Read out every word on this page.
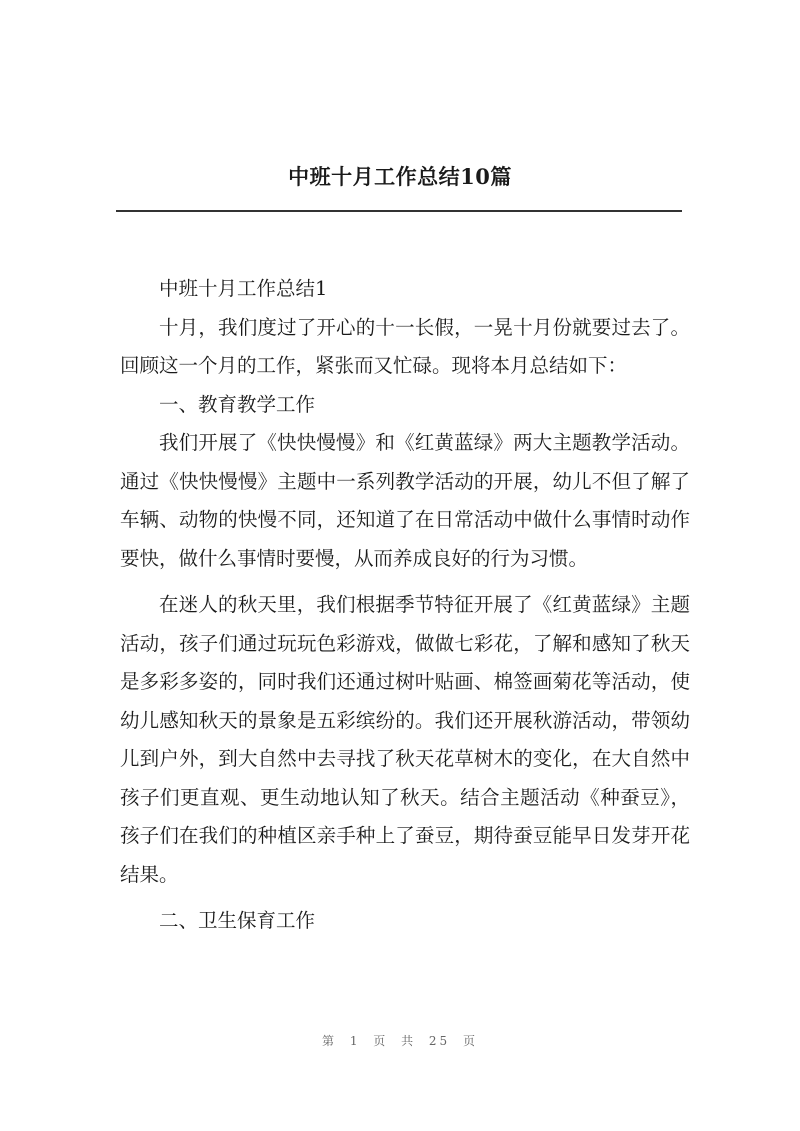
中班十月工作总结10篇

中班十月工作总结1

十月，我们度过了开心的十一长假，一晃十月份就要过去了。回顾这一个月的工作，紧张而又忙碌。现将本月总结如下：

一、教育教学工作

我们开展了《快快慢慢》和《红黄蓝绿》两大主题教学活动。通过《快快慢慢》主题中一系列教学活动的开展，幼儿不但了解了车辆、动物的快慢不同，还知道了在日常活动中做什么事情时动作要快，做什么事情时要慢，从而养成良好的行为习惯。

在迷人的秋天里，我们根据季节特征开展了《红黄蓝绿》主题活动，孩子们通过玩玩色彩游戏，做做七彩花，了解和感知了秋天是多彩多姿的，同时我们还通过树叶贴画、棉签画菊花等活动，使幼儿感知秋天的景象是五彩缤纷的。我们还开展秋游活动，带领幼儿到户外，到大自然中去寻找了秋天花草树木的变化，在大自然中孩子们更直观、更生动地认知了秋天。结合主题活动《种蚕豆》，孩子们在我们的种植区亲手种上了蚕豆，期待蚕豆能早日发芽开花结果。

二、卫生保育工作

第 1 页 共 25 页
